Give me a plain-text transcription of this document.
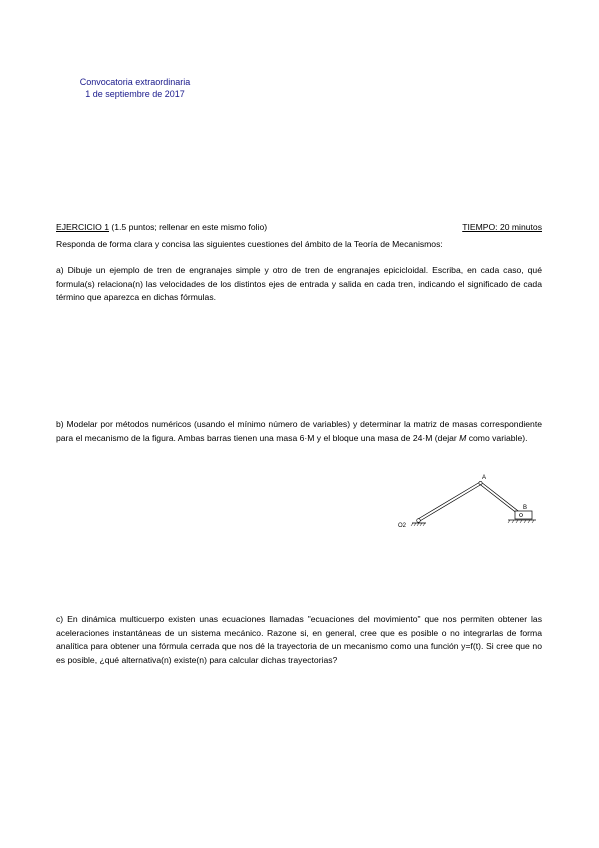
Convocatoria extraordinaria
1 de septiembre de 2017
EJERCICIO 1 (1.5 puntos; rellenar en este mismo folio)	TIEMPO: 20 minutos
Responda de forma clara y concisa las siguientes cuestiones del ámbito de la Teoría de Mecanismos:
a) Dibuje un ejemplo de tren de engranajes simple y otro de tren de engranajes epicicloidal. Escriba, en cada caso, qué formula(s) relaciona(n) las velocidades de los distintos ejes de entrada y salida en cada tren, indicando el significado de cada término que aparezca en dichas fórmulas.
b) Modelar por métodos numéricos (usando el mínimo número de variables) y determinar la matriz de masas correspondiente para el mecanismo de la figura. Ambas barras tienen una masa 6·M y el bloque una masa de 24·M (dejar M como variable).
A
B
O2
c) En dinámica multicuerpo existen unas ecuaciones llamadas "ecuaciones del movimiento" que nos permiten obtener las aceleraciones instantáneas de un sistema mecánico. Razone si, en general, cree que es posible o no integrarlas de forma analítica para obtener una fórmula cerrada que nos dé la trayectoria de un mecanismo como una función y=f(t). Si cree que no es posible, ¿qué alternativa(n) existe(n) para calcular dichas trayectorias?
